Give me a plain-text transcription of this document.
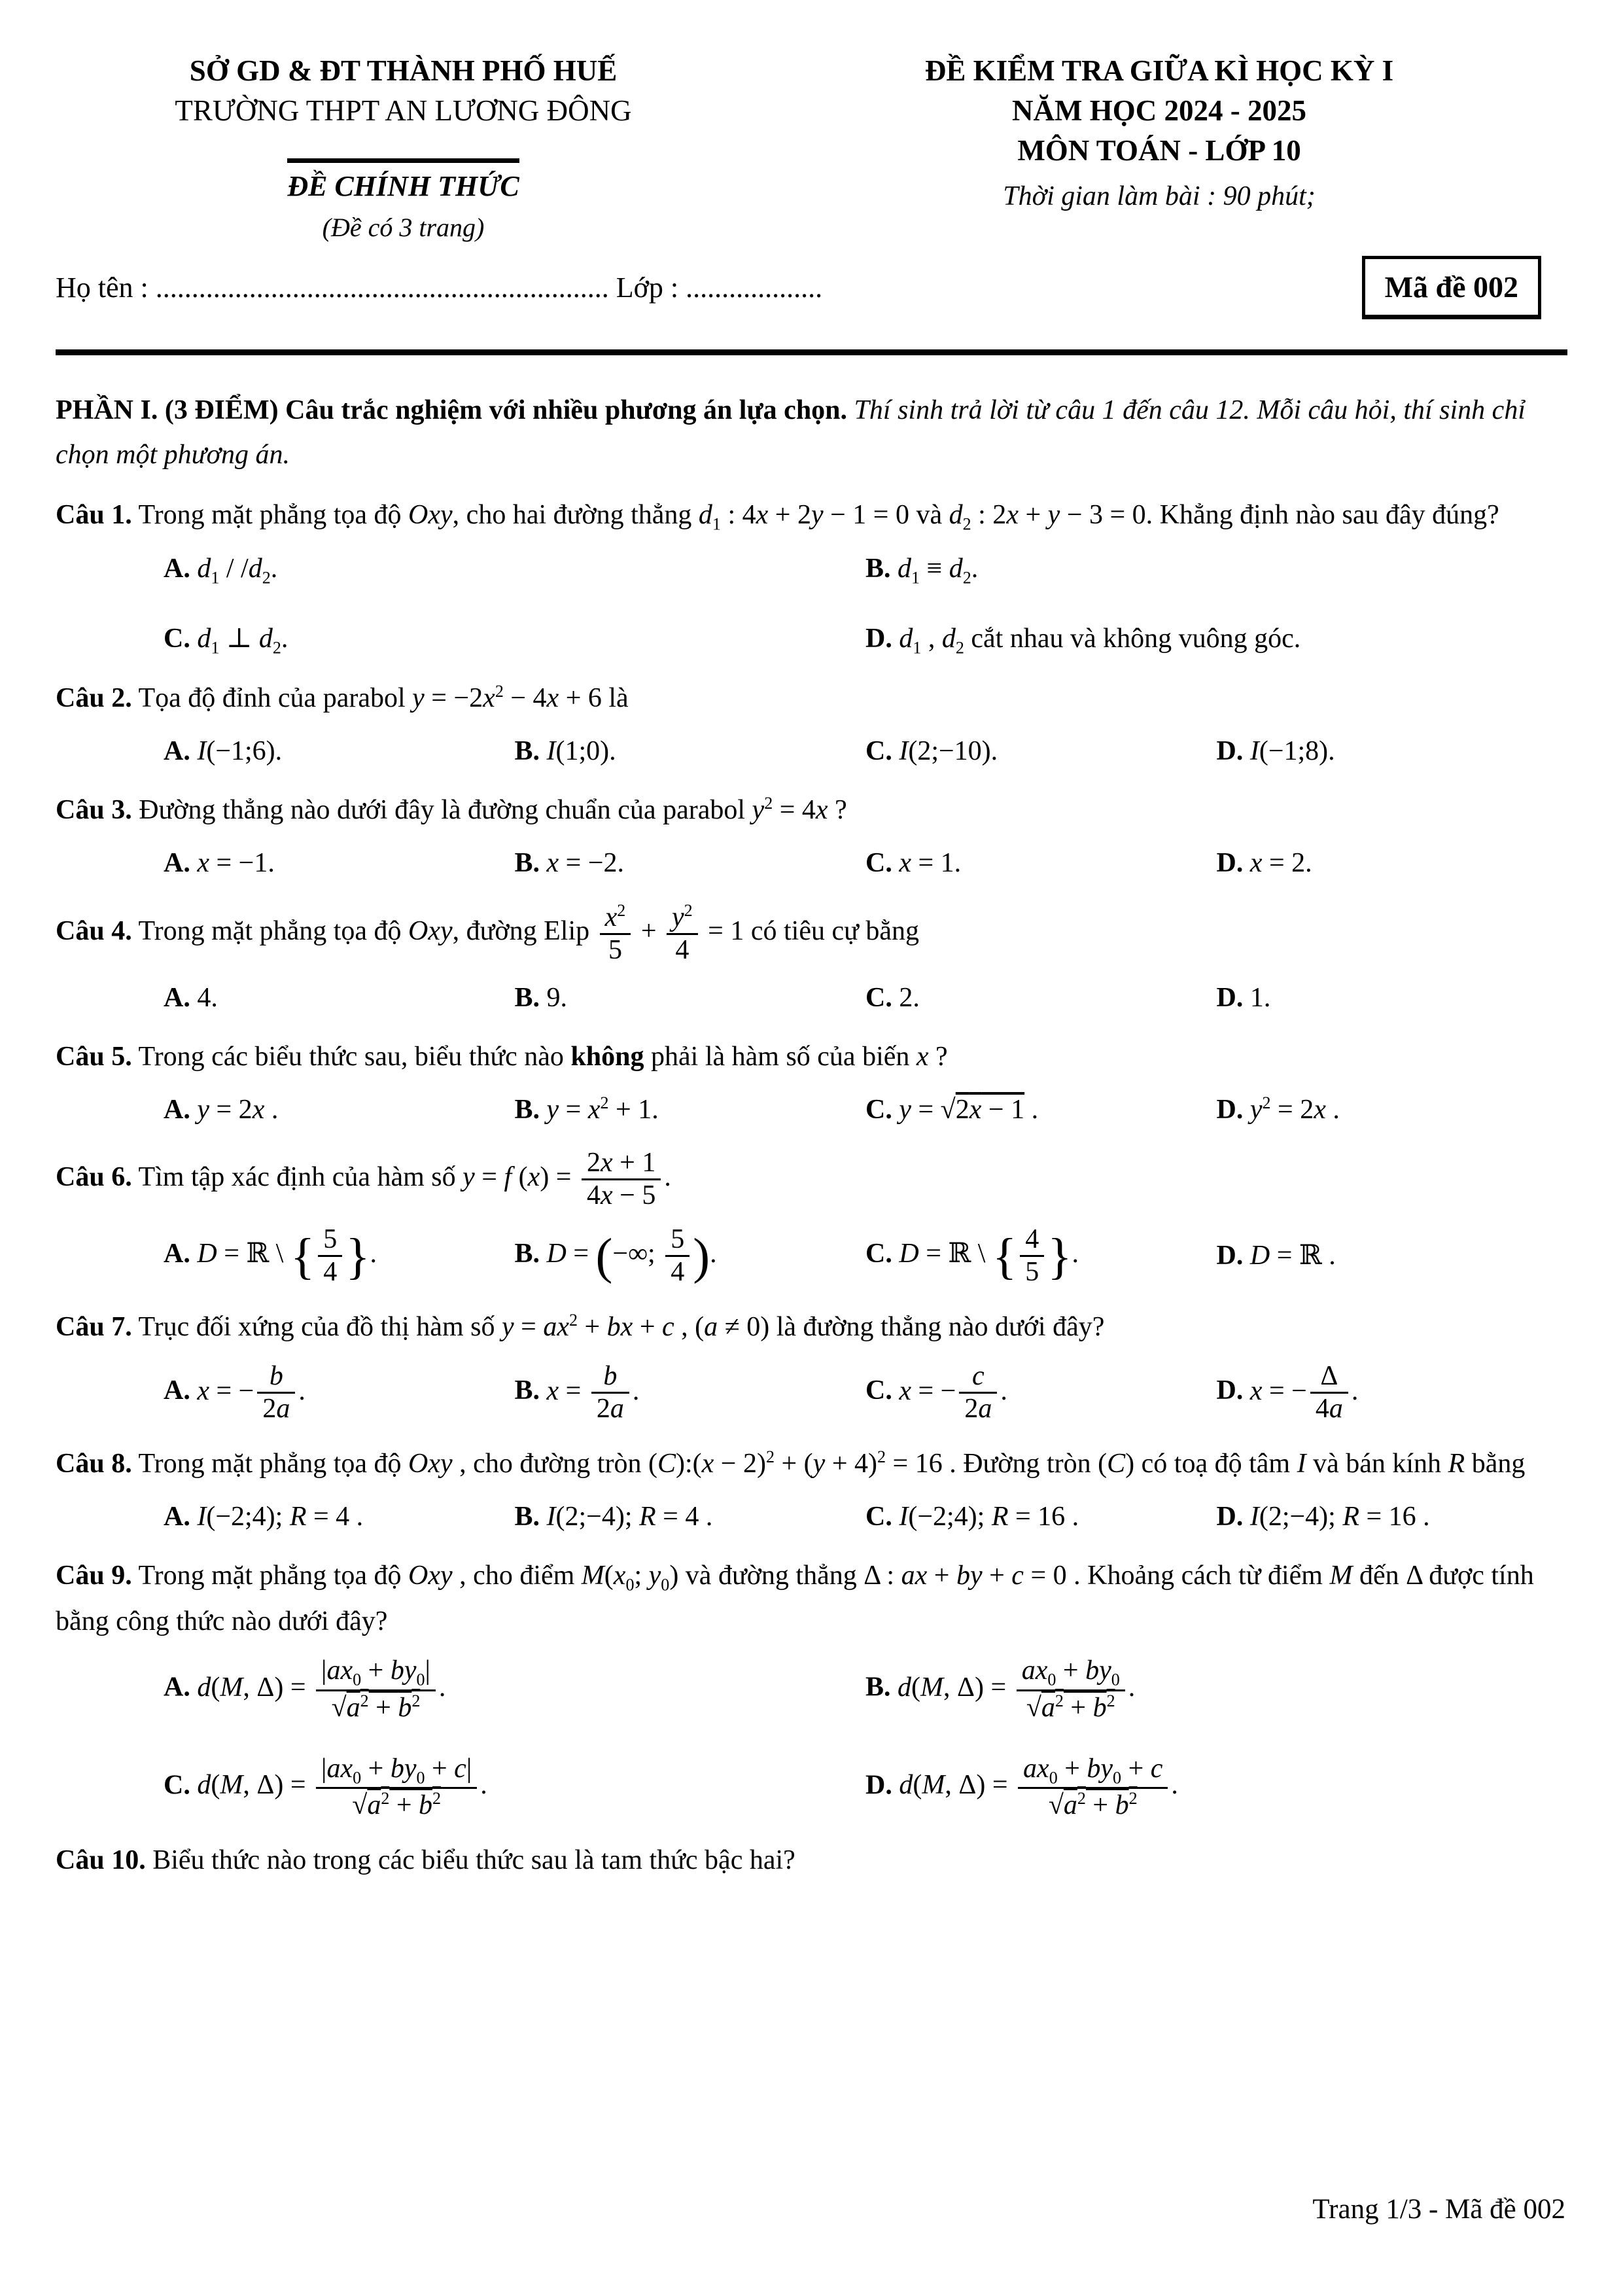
SỞ GD & ĐT THÀNH PHỐ HUẾ
TRƯỜNG THPT AN LƯƠNG ĐÔNG
ĐỀ CHÍNH THỨC
(Đề có 3 trang)
ĐỀ KIỂM TRA GIỮA KÌ HỌC KỲ I
NĂM HỌC 2024 - 2025
MÔN TOÁN - LỚP 10
Thời gian làm bài : 90 phút;
Họ tên : ............................................................... Lớp : ...................	Mã đề 002

PHẦN I. (3 ĐIỂM) Câu trắc nghiệm với nhiều phương án lựa chọn. Thí sinh trả lời từ câu 1 đến câu 12. Mỗi câu hỏi, thí sinh chỉ chọn một phương án.

Câu 1. Trong mặt phẳng tọa độ Oxy, cho hai đường thẳng $d_1$ : 4x + 2y − 1 = 0 và $d_2$ : 2x + y − 3 = 0. Khẳng định nào sau đây đúng?

A. $d_1 / /d_2$.	B. $d_1 \equiv d_2$.
C. $d_1$ ⊥ $d_2$.	D. $d_1$ , $d_2$ cắt nhau và không vuông góc.

Câu 2. Tọa độ đỉnh của parabol $y = -2x^2 - 4x + 6$ là

A. I(−1;6).	B. I(1;0).	C. I(2;−10).	D. I(−1;8).

Câu 3. Đường thẳng nào dưới đây là đường chuẩn của parabol $y^2 = 4x$ ?

A. x = −1.	B. x = −2.	C. x = 1.	D. x = 2.

Câu 4. Trong mặt phẳng tọa độ Oxy, đường Elip $\frac{x^2}{5} + \frac{y^2}{4} = 1$ có tiêu cự bằng

A. 4.	B. 9.	C. 2.	D. 1.

Câu 5. Trong các biểu thức sau, biểu thức nào không phải là hàm số của biến x ?

A. y = 2x .	B. $y = x^2 + 1$.	C. y = √2x − 1 .	D. $y^2 = 2x$ .

Câu 6. Tìm tập xác định của hàm số y = f $(x) = \frac{2x + 1}{4x - 5}$ .

A. D = ℝ \ { $\frac{5}{4}$ }.	B. D = (−∞; $\frac{5}{4}$ ).	C. D = ℝ \ { $\frac{4}{5}$ }.	D. D = ℝ .

Câu 7. Trục đối xứng của đồ thị hàm số $y = ax^2$ + bx + c , (a ≠ 0) là đường thẳng nào dưới đây?

A. x = − $\frac{b}{2a}$ .	B. $x = \frac{b}{2a}$ .	C. x = − $\frac{c}{2a}$ .	D. x = − $\frac{\Delta}{4a}$ .

Câu 8. Trong mặt phẳng tọa độ Oxy , cho đường tròn (C):(x − $2)^2 + (y + 4)^2 = 16$ . Đường tròn (C) có toạ độ tâm I và bán kính R bằng

A. I(−2;4); R = 4 .	B. I(2;−4); R = 4 .	C. I(−2;4); R = 16 .	D. I(2;−4); R = 16 .

Câu 9. Trong mặt phẳng tọa độ Oxy , cho điểm $M(x_0$; $y_0$) và đường thẳng Δ : ax + by + c = 0 . Khoảng cách từ điểm M đến Δ được tính bằng công thức nào dưới đây?

A. d(M, $\Delta) = \frac{|ax_0 + by_0|}{√a^2 + b^2}$ .	B. d(M, $\Delta) = \frac{ax_0 + by_0}{√a^2 + b^2}$ .
C. d(M, $\Delta) = \frac{|ax_0 + by_0 + c|}{√a^2 + b^2}$ .	D. d(M, $\Delta) = \frac{ax_0 + by_0 + c}{√a^2 + b^2}$ .

Câu 10. Biểu thức nào trong các biểu thức sau là tam thức bậc hai?

Trang 1/3 - Mã đề 002
